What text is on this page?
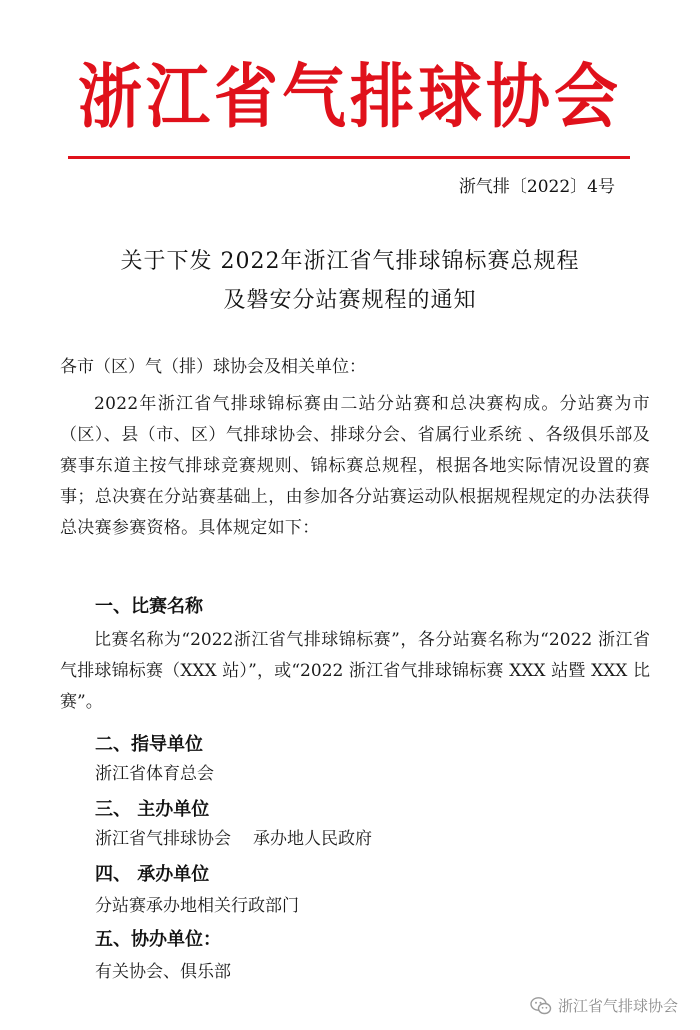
浙江省气排球协会
浙气排〔2022〕4号
关于下发 2022年浙江省气排球锦标赛总规程
及磐安分站赛规程的通知
各市（区）气（排）球协会及相关单位：
2022年浙江省气排球锦标赛由二站分站赛和总决赛构成。分站赛为市（区）、县（市、区）气排球协会、排球分会、省属行业系统 、各级俱乐部及赛事东道主按气排球竞赛规则、锦标赛总规程，根据各地实际情况设置的赛事；总决赛在分站赛基础上，由参加各分站赛运动队根据规程规定的办法获得总决赛参赛资格。具体规定如下：
一、比赛名称
比赛名称为“2022浙江省气排球锦标赛”，各分站赛名称为“2022 浙江省气排球锦标赛（XXX 站）”，或“2022 浙江省气排球锦标赛 XXX 站暨 XXX 比赛”。
二、指导单位
浙江省体育总会
三、 主办单位
浙江省气排球协会 承办地人民政府
四、 承办单位
分站赛承办地相关行政部门
五、协办单位：
有关协会、俱乐部
浙江省气排球协会
